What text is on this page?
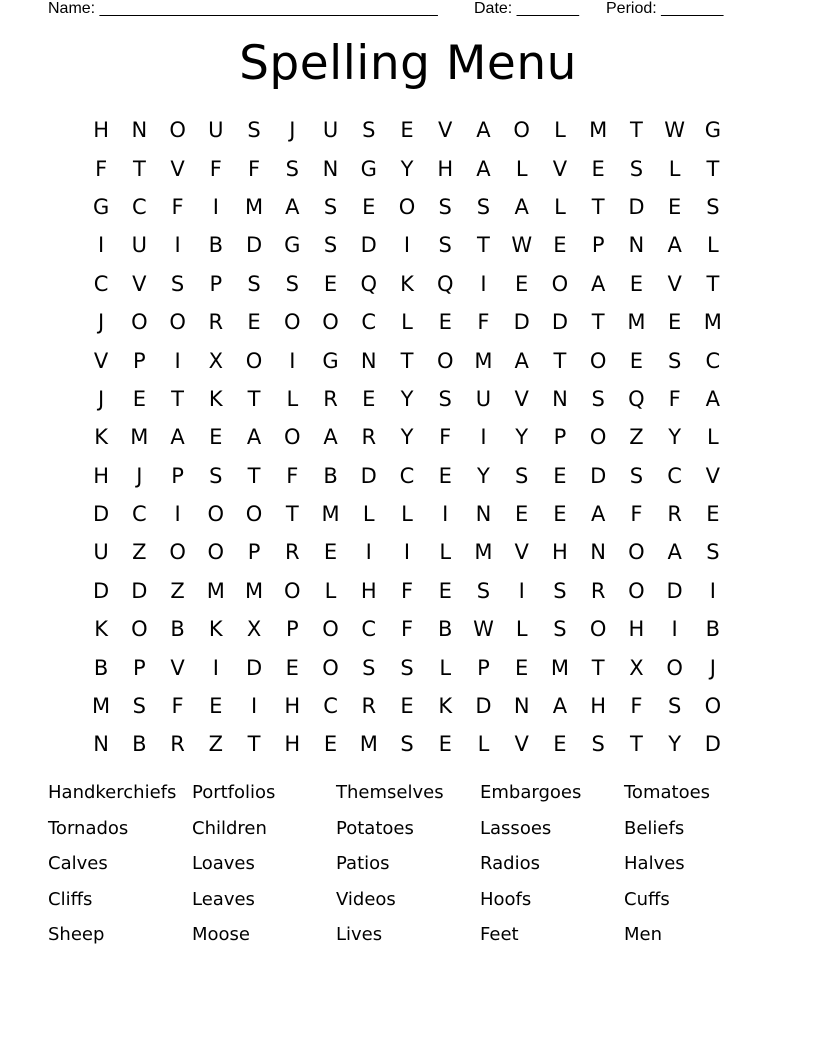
Name: ______________________________________ Date: _______ Period: _______
Spelling Menu
H	N	O	U	S	J	U	S	E	V	A	O	L	M	T	W G
F	T	V	F	F	S	N	G	Y	H	A	L	V	E	S	L	T
G	C	F	I	M	A	S	E	O	S	S	A	L	T	D	E	S
I	U	I	B	D	G	S	D	I	S	T	W	E	P	N	A	L
C	V	S	P	S	S	E	Q	K	Q	I	E	O	A	E	V	T
J	O	O	R	E	O	O	C	L	E	F	D	D	T	M	E	M
V	P	I	X	O	I	G	N	T	O M	A	T	O	E	S	C
J	E	T	K	T	L	R	E	Y	S	U	V	N	S	Q	F	A
K	M	A	E	A	O	A	R	Y	F	I	Y	P	O	Z	Y	L
H	J	P	S	T	F	B	D	C	E	Y	S	E	D	S	C	V
D	C	I	O	O	T	M	L	L	I	N	E	E	A	F	R	E
U	Z	O	O	P	R	E	I	I	L	M	V	H	N	O	A	S
D	D	Z	M M O	L	H	F	E	S	I	S	R	O	D	I
K	O	B	K	X	P	O	C	F	B W	L	S	O	H	I	B
B	P	V	I	D	E	O	S	S	L	P	E	M	T	X	O	J
M	S	F	E	I	H	C	R	E	K	D	N	A	H	F	S	O
N	B	R	Z	T	H	E	M	S	E	L	V	E	S	T	Y	D
Handkerchiefs Portfolios	Themselves	Embargoes	Tomatoes
Tornados	Children	Potatoes	Lassoes	Beliefs
Calves	Loaves	Patios	Radios	Halves
Cliffs	Leaves	Videos	Hoofs	Cuffs
Sheep	Moose	Lives	Feet	Men
